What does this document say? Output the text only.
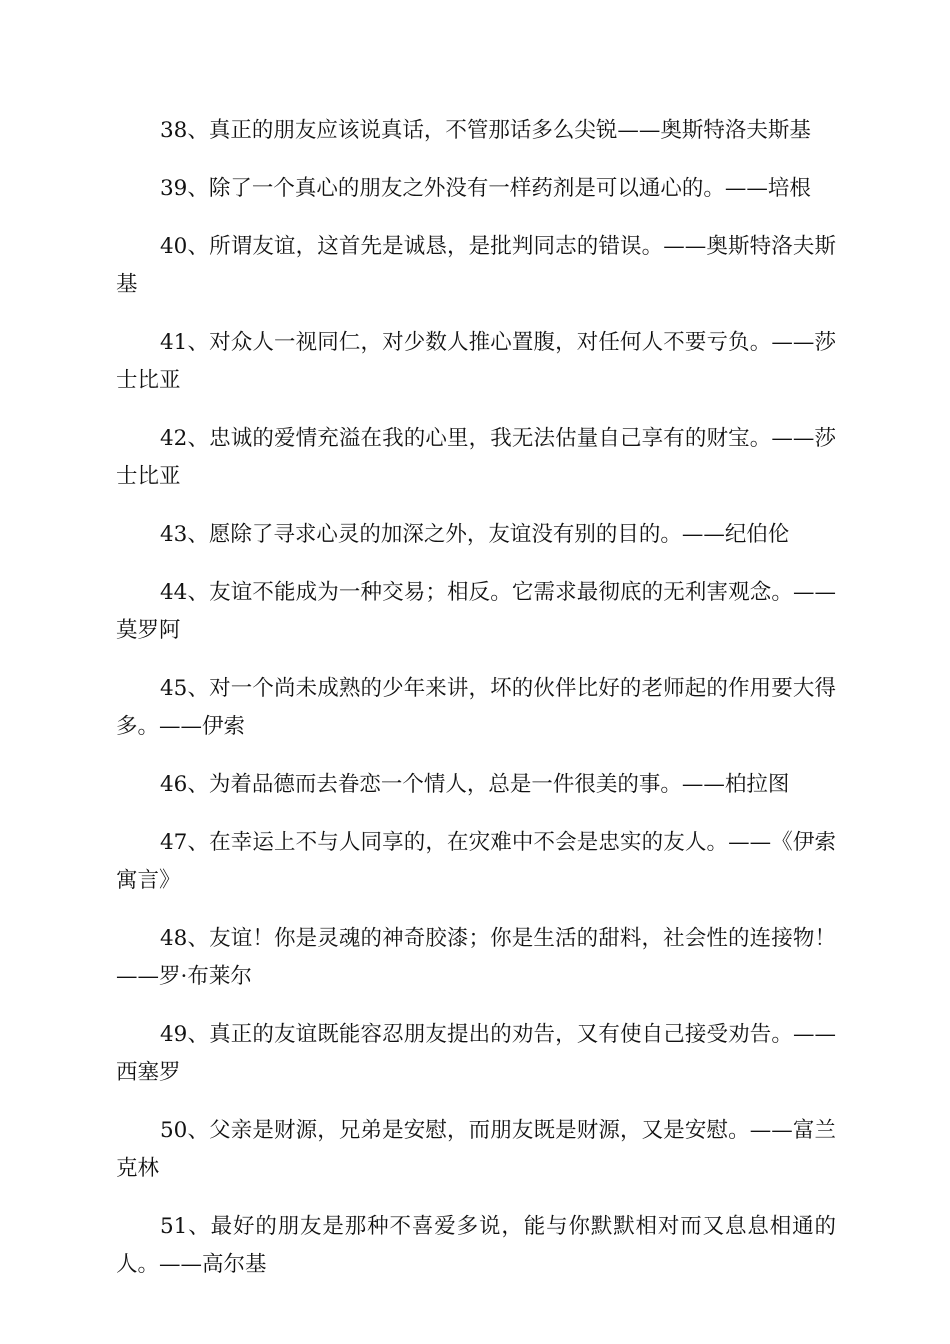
38、真正的朋友应该说真话，不管那话多么尖锐——奥斯特洛夫斯基

39、除了一个真心的朋友之外没有一样药剂是可以通心的。——培根

40、所谓友谊，这首先是诚恳，是批判同志的错误。——奥斯特洛夫斯基

41、对众人一视同仁，对少数人推心置腹，对任何人不要亏负。——莎士比亚

42、忠诚的爱情充溢在我的心里，我无法估量自己享有的财宝。——莎士比亚

43、愿除了寻求心灵的加深之外，友谊没有别的目的。——纪伯伦

44、友谊不能成为一种交易；相反。它需求最彻底的无利害观念。——莫罗阿

45、对一个尚未成熟的少年来讲，坏的伙伴比好的老师起的作用要大得多。——伊索

46、为着品德而去眷恋一个情人，总是一件很美的事。——柏拉图

47、在幸运上不与人同享的，在灾难中不会是忠实的友人。——《伊索寓言》

48、友谊！你是灵魂的神奇胶漆；你是生活的甜料，社会性的连接物！——罗·布莱尔

49、真正的友谊既能容忍朋友提出的劝告，又有使自己接受劝告。——西塞罗

50、父亲是财源，兄弟是安慰，而朋友既是财源，又是安慰。——富兰克林

51、最好的朋友是那种不喜爱多说，能与你默默相对而又息息相通的人。——高尔基
